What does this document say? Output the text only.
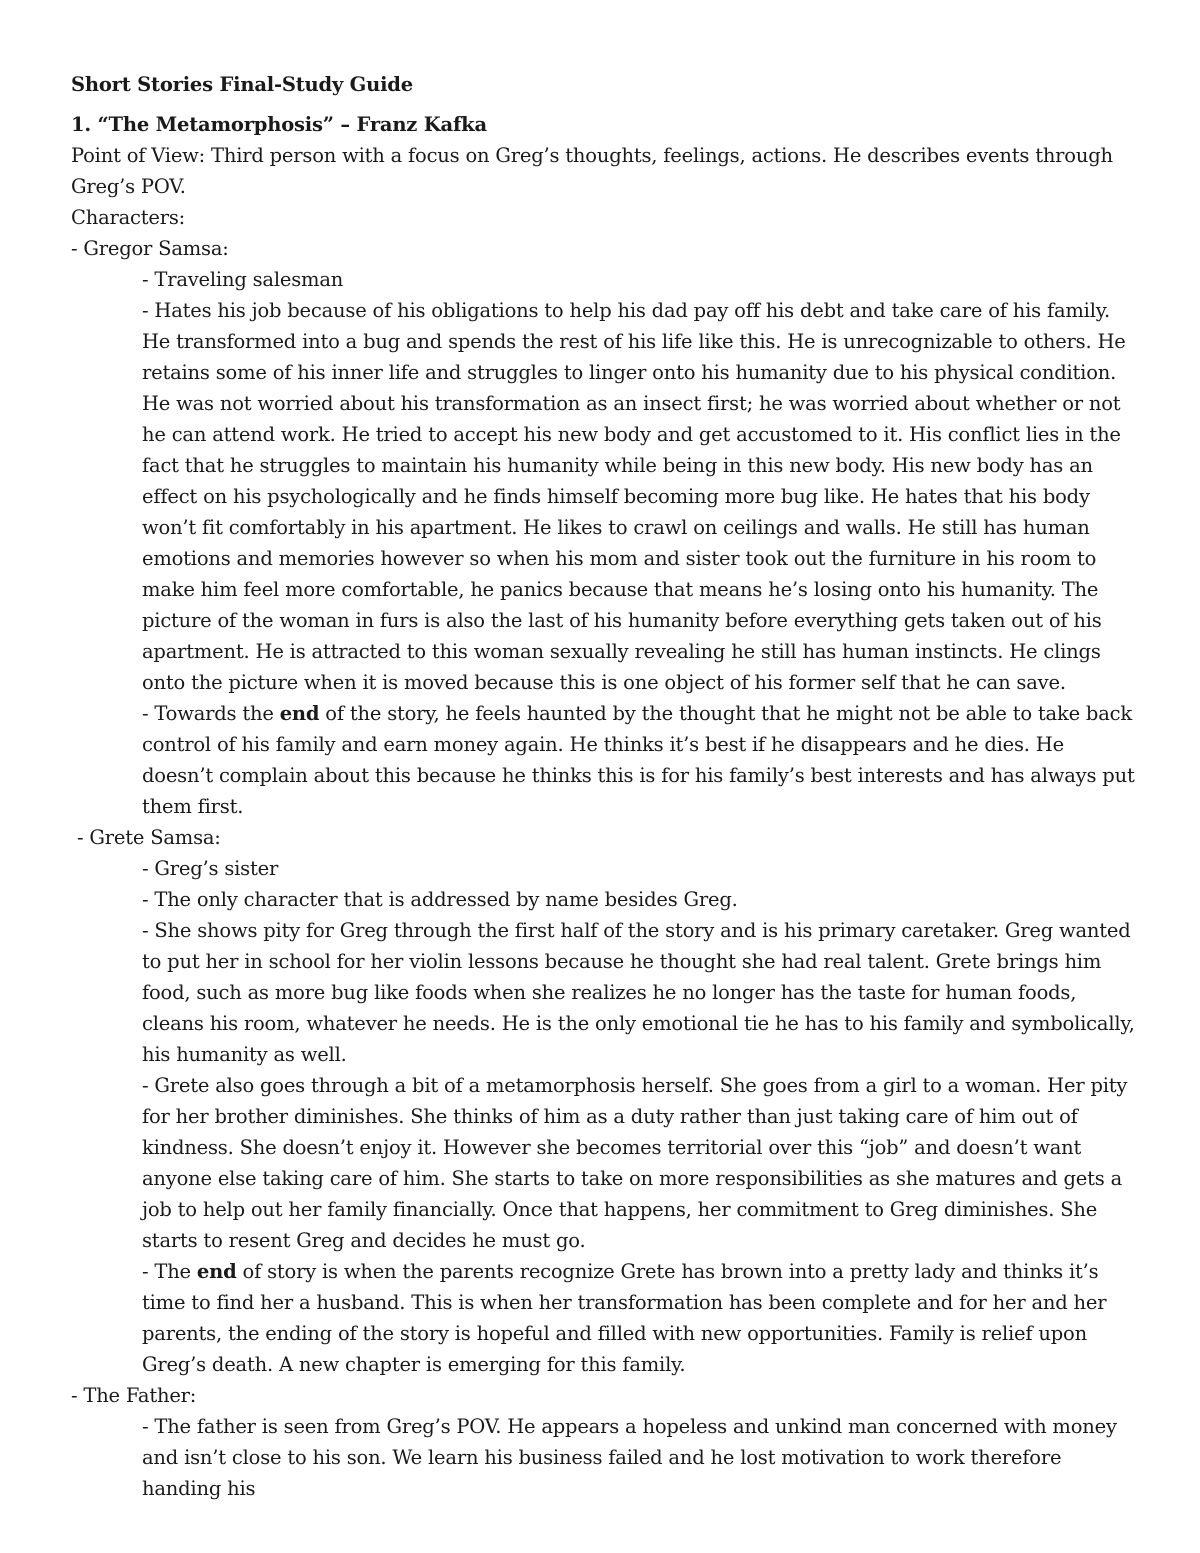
Short Stories Final-Study Guide

1. “The Metamorphosis” – Franz Kafka

Point of View: Third person with a focus on Greg’s thoughts, feelings, actions. He describes events through

Greg’s POV.

Characters:

- Gregor Samsa:

- Traveling salesman

- Hates his job because of his obligations to help his dad pay off his debt and take care of his family. He transformed into a bug and spends the rest of his life like this. He is unrecognizable to others. He retains some of his inner life and struggles to linger onto his humanity due to his physical condition. He was not worried about his transformation as an insect first; he was worried about whether or not he can attend work. He tried to accept his new body and get accustomed to it. His conflict lies in the fact that he struggles to maintain his humanity while being in this new body. His new body has an effect on his psychologically and he finds himself becoming more bug like. He hates that his body won’t fit comfortably in his apartment. He likes to crawl on ceilings and walls. He still has human emotions and memories however so when his mom and sister took out the furniture in his room to make him feel more comfortable, he panics because that means he’s losing onto his humanity. The picture of the woman in furs is also the last of his humanity before everything gets taken out of his apartment. He is attracted to this woman sexually revealing he still has human instincts. He clings onto the picture when it is moved because this is one object of his former self that he can save.

- Towards the end of the story, he feels haunted by the thought that he might not be able to take back control of his family and earn money again. He thinks it’s best if he disappears and he dies. He doesn’t complain about this because he thinks this is for his family’s best interests and has always put them first.

- Grete Samsa:

- Greg’s sister

- The only character that is addressed by name besides Greg.

- She shows pity for Greg through the first half of the story and is his primary caretaker. Greg wanted to put her in school for her violin lessons because he thought she had real talent. Grete brings him food, such as more bug like foods when she realizes he no longer has the taste for human foods, cleans his room, whatever he needs. He is the only emotional tie he has to his family and symbolically, his humanity as well.

- Grete also goes through a bit of a metamorphosis herself. She goes from a girl to a woman. Her pity for her brother diminishes. She thinks of him as a duty rather than just taking care of him out of kindness. She doesn’t enjoy it. However she becomes territorial over this “job” and doesn’t want anyone else taking care of him. She starts to take on more responsibilities as she matures and gets a job to help out her family financially. Once that happens, her commitment to Greg diminishes. She starts to resent Greg and decides he must go.

- The end of story is when the parents recognize Grete has brown into a pretty lady and thinks it’s time to find her a husband. This is when her transformation has been complete and for her and her parents, the ending of the story is hopeful and filled with new opportunities. Family is relief upon Greg’s death. A new chapter is emerging for this family.

- The Father:

- The father is seen from Greg’s POV. He appears a hopeless and unkind man concerned with money and isn’t close to his son. We learn his business failed and he lost motivation to work therefore handing his
